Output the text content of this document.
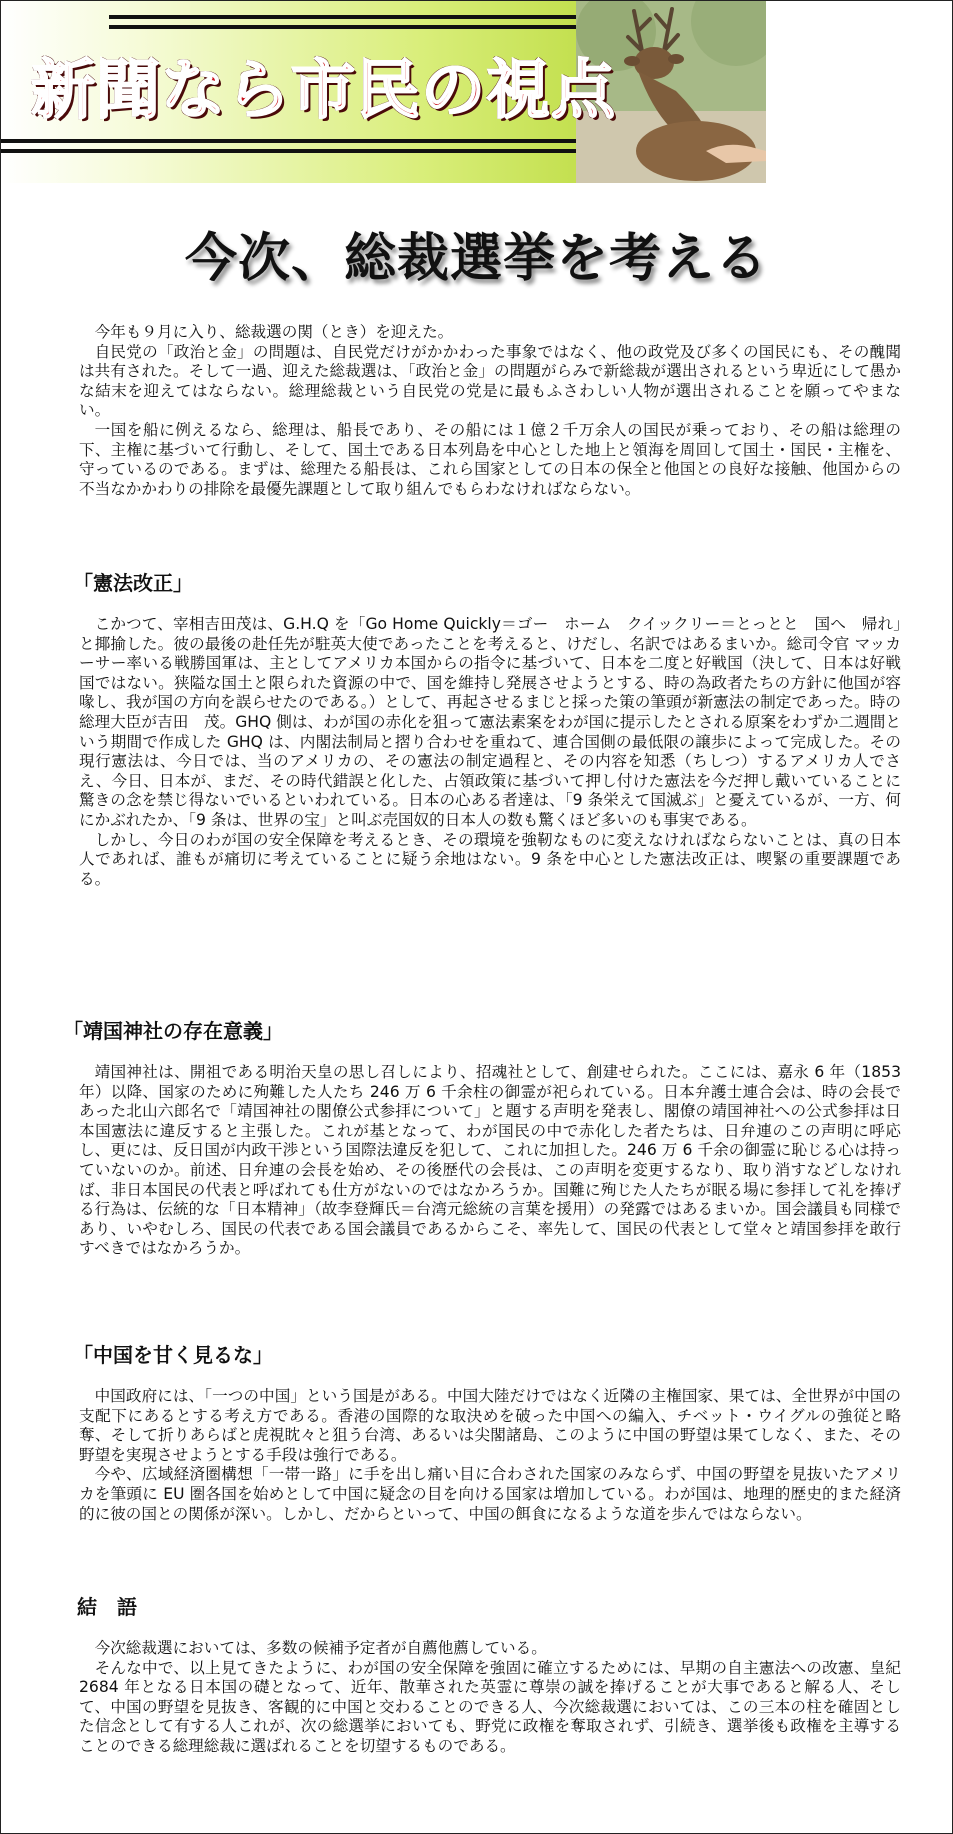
新聞なら市民の視点
今次、総裁選挙を考える

今年も９月に入り、総裁選の関（とき）を迎えた。

自民党の「政治と金」の問題は、自民党だけがかかわった事象ではなく、他の政党及び多くの国民にも、その醜聞は共有された。そして一過、迎えた総裁選は、「政治と金」の問題がらみで新総裁が選出されるという卑近にして愚かな結末を迎えてはならない。総理総裁という自民党の党是に最もふさわしい人物が選出されることを願ってやまない。

一国を船に例えるなら、総理は、船長であり、その船には１億２千万余人の国民が乗っており、その船は総理の下、主権に基づいて行動し、そして、国土である日本列島を中心とした地上と領海を周回して国土・国民・主権を、守っているのである。まずは、総理たる船長は、これら国家としての日本の保全と他国との良好な接触、他国からの不当なかかわりの排除を最優先課題として取り組んでもらわなければならない。

「憲法改正」

こかつて、宰相吉田茂は、G.H.Q を「Go Home Quickly＝ゴー　ホーム　クイックリー＝とっとと　国へ　帰れ」と揶揄した。彼の最後の赴任先が駐英大使であったことを考えると、けだし、名訳ではあるまいか。総司令官 マッカーサー率いる戦勝国軍は、主としてアメリカ本国からの指令に基づいて、日本を二度と好戦国（決して、日本は好戦国ではない。狭隘な国土と限られた資源の中で、国を維持し発展させようとする、時の為政者たちの方針に他国が容喙し、我が国の方向を誤らせたのである。）として、再起させるまじと採った策の筆頭が新憲法の制定であった。時の総理大臣が吉田　茂。GHQ 側は、わが国の赤化を狙って憲法素案をわが国に提示したとされる原案をわずか二週間という期間で作成した GHQ は、内閣法制局と摺り合わせを重ねて、連合国側の最低限の譲歩によって完成した。その現行憲法は、今日では、当のアメリカの、その憲法の制定過程と、その内容を知悉（ちしつ）するアメリカ人でさえ、今日、日本が、まだ、その時代錯誤と化した、占領政策に基づいて押し付けた憲法を今だ押し戴いていることに驚きの念を禁じ得ないでいるといわれている。日本の心ある者達は、「9 条栄えて国滅ぶ」と憂えているが、一方、何にかぶれたか、「9 条は、世界の宝」と叫ぶ売国奴的日本人の数も驚くほど多いのも事実である。

しかし、今日のわが国の安全保障を考えるとき、その環境を強靭なものに変えなければならないことは、真の日本人であれば、誰もが痛切に考えていることに疑う余地はない。9 条を中心とした憲法改正は、喫緊の重要課題である。

「靖国神社の存在意義」

靖国神社は、開祖である明治天皇の思し召しにより、招魂社として、創建せられた。ここには、嘉永 6 年（1853 年）以降、国家のために殉難した人たち 246 万 6 千余柱の御霊が祀られている。日本弁護士連合会は、時の会長であった北山六郎名で「靖国神社の閣僚公式参拝について」と題する声明を発表し、閣僚の靖国神社への公式参拝は日本国憲法に違反すると主張した。これが基となって、わが国民の中で赤化した者たちは、日弁連のこの声明に呼応し、更には、反日国が内政干渉という国際法違反を犯して、これに加担した。246 万 6 千余の御霊に恥じる心は持っていないのか。前述、日弁連の会長を始め、その後歴代の会長は、この声明を変更するなり、取り消すなどしなければ、非日本国民の代表と呼ばれても仕方がないのではなかろうか。国難に殉じた人たちが眠る場に参拝して礼を捧げる行為は、伝統的な「日本精神」（故李登輝氏＝台湾元総統の言葉を援用）の発露ではあるまいか。国会議員も同様であり、いやむしろ、国民の代表である国会議員であるからこそ、率先して、国民の代表として堂々と靖国参拝を敢行すべきではなかろうか。

「中国を甘く見るな」

中国政府には、「一つの中国」という国是がある。中国大陸だけではなく近隣の主権国家、果ては、全世界が中国の支配下にあるとする考え方である。香港の国際的な取決めを破った中国への編入、チベット・ウイグルの強従と略奪、そして折りあらばと虎視眈々と狙う台湾、あるいは尖閣諸島、このように中国の野望は果てしなく、また、その野望を実現させようとする手段は強行である。

今や、広域経済圏構想「一帯一路」に手を出し痛い目に合わされた国家のみならず、中国の野望を見抜いたアメリカを筆頭に EU 圏各国を始めとして中国に疑念の目を向ける国家は増加している。わが国は、地理的歴史的また経済的に彼の国との関係が深い。しかし、だからといって、中国の餌食になるような道を歩んではならない。

結　語

今次総裁選においては、多数の候補予定者が自薦他薦している。

そんな中で、以上見てきたように、わが国の安全保障を強固に確立するためには、早期の自主憲法への改憲、皇紀 2684 年となる日本国の礎となって、近年、散華された英霊に尊崇の誠を捧げることが大事であると解る人、そして、中国の野望を見抜き、客観的に中国と交わることのできる人、今次総裁選においては、この三本の柱を確固とした信念として有する人これが、次の総選挙においても、野党に政権を奪取されず、引続き、選挙後も政権を主導することのできる総理総裁に選ばれることを切望するものである。
